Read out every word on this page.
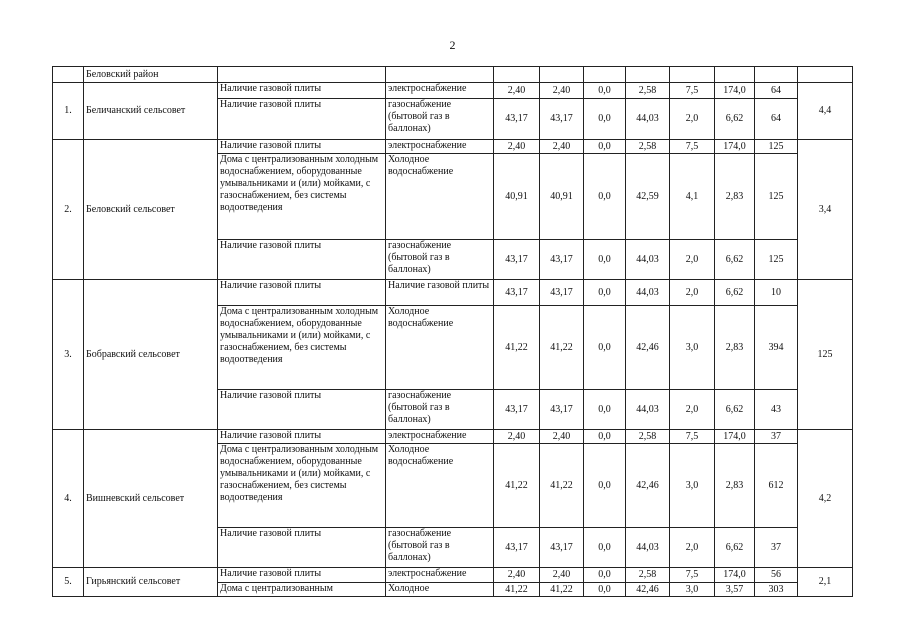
2
	Беловский район										
1.	Беличанский сельсовет	Наличие газовой плиты	электроснабжение	2,40	2,40	0,0	2,58	7,5	174,0	64	4,4
		Наличие газовой плиты	газоснабжение (бытовой газ в баллонах)	43,17	43,17	0,0	44,03	2,0	6,62	64	
2.	Беловский сельсовет	Наличие газовой плиты	электроснабжение	2,40	2,40	0,0	2,58	7,5	174,0	125	3,4
		Дома с централизованным холодным водоснабжением, оборудованные умывальниками и (или) мойками, с газоснабжением, без системы водоотведения	Холодное водоснабжение	40,91	40,91	0,0	42,59	4,1	2,83	125	
		Наличие газовой плиты	газоснабжение (бытовой газ в баллонах)	43,17	43,17	0,0	44,03	2,0	6,62	125	
3.	Бобравский сельсовет	Наличие газовой плиты	Наличие газовой плиты	43,17	43,17	0,0	44,03	2,0	6,62	10	125
		Дома с централизованным холодным водоснабжением, оборудованные умывальниками и (или) мойками, с газоснабжением, без системы водоотведения	Холодное водоснабжение	41,22	41,22	0,0	42,46	3,0	2,83	394	
		Наличие газовой плиты	газоснабжение (бытовой газ в баллонах)	43,17	43,17	0,0	44,03	2,0	6,62	43	
4.	Вишневский сельсовет	Наличие газовой плиты	электроснабжение	2,40	2,40	0,0	2,58	7,5	174,0	37	4,2
		Дома с централизованным холодным водоснабжением, оборудованные умывальниками и (или) мойками, с газоснабжением, без системы водоотведения	Холодное водоснабжение	41,22	41,22	0,0	42,46	3,0	2,83	612	
		Наличие газовой плиты	газоснабжение (бытовой газ в баллонах)	43,17	43,17	0,0	44,03	2,0	6,62	37	
5.	Гирьянский сельсовет	Наличие газовой плиты	электроснабжение	2,40	2,40	0,0	2,58	7,5	174,0	56	2,1
		Дома с централизованным	Холодное	41,22	41,22	0,0	42,46	3,0	3,57	303	
